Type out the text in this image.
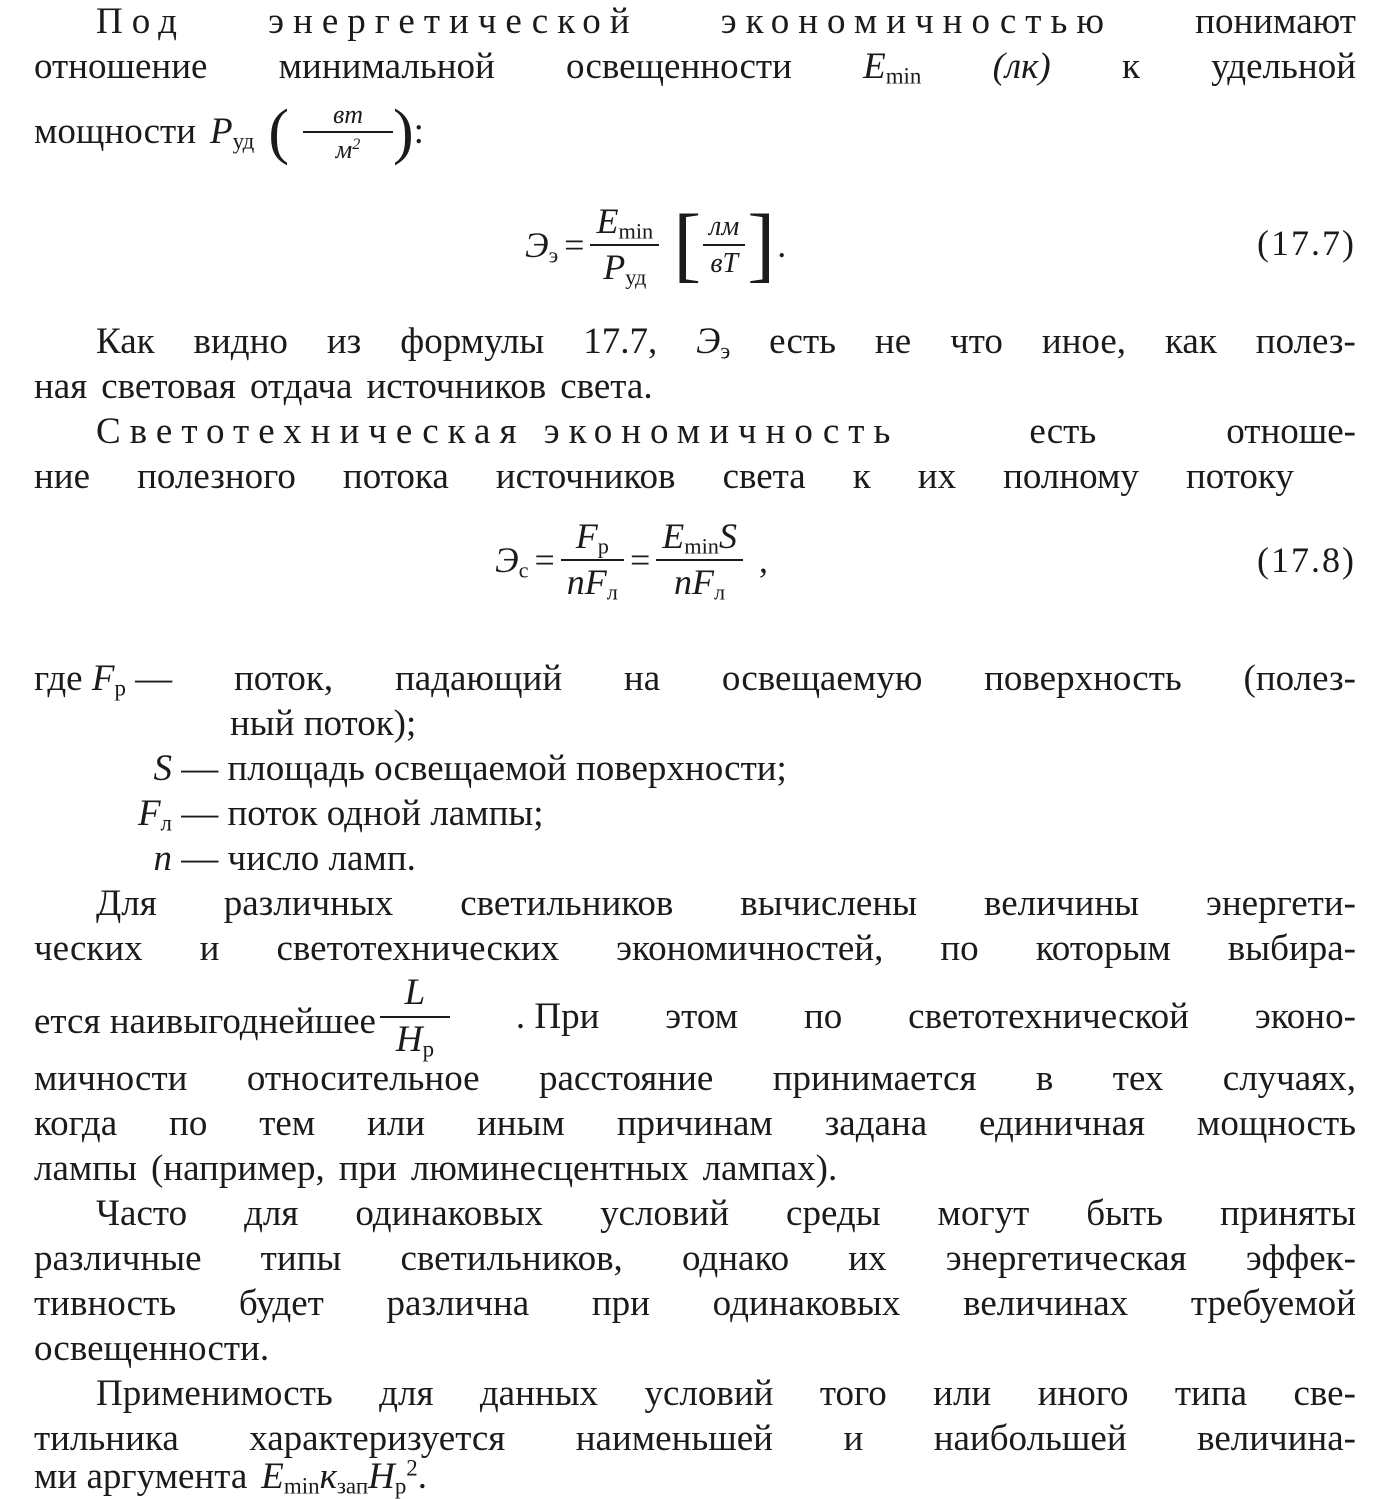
Под энергетической экономичностью понимают
отношение минимальной освещенности $E_{min}$ (лк) к удельной
мощности $P_{уд}$ ( $\frac{вт}{м^2}$ ) :
$Э_э = \frac{E_{min}}{P_{уд}}$ [ $\frac{лм}{вТ}$ ] .	(17.7)
Как видно из формулы 17.7, $Э_э$ есть не что иное, как полез-
ная световая отдача источников света.
Светотехническая экономичность	есть	отноше-
ние полезного потока источников света к их полному потоку
$Э_с = \frac{F_р}{nF_л} = \frac{E_{min}S}{nF_л}$ ,	(17.8)
где $F_р$ — поток, падающий на освещаемую поверхность (полез-
ный поток);
S — площадь освещаемой поверхности;
$F_л$ — поток одной лампы;
n — число ламп.
Для различных светильников вычислены величины энергети-
ческих и светотехнических экономичностей, по которым выбира-
ется наивыгоднейшее $\frac{L}{H_р}$ . При этом по светотехнической эконо-
мичности относительное расстояние принимается в тех случаях,
когда по тем или иным причинам задана единичная мощность
лампы (например, при люминесцентных лампах).
Часто для одинаковых условий среды могут быть приняты
различные типы светильников, однако их энергетическая эффек-
тивность будет различна при одинаковых величинах требуемой
освещенности.
Применимость для данных условий того или иного типа све-
тильника характеризуется наименьшей и наибольшей величина-
ми аргумента $E_{min}к_{зап}H_р^2$.
